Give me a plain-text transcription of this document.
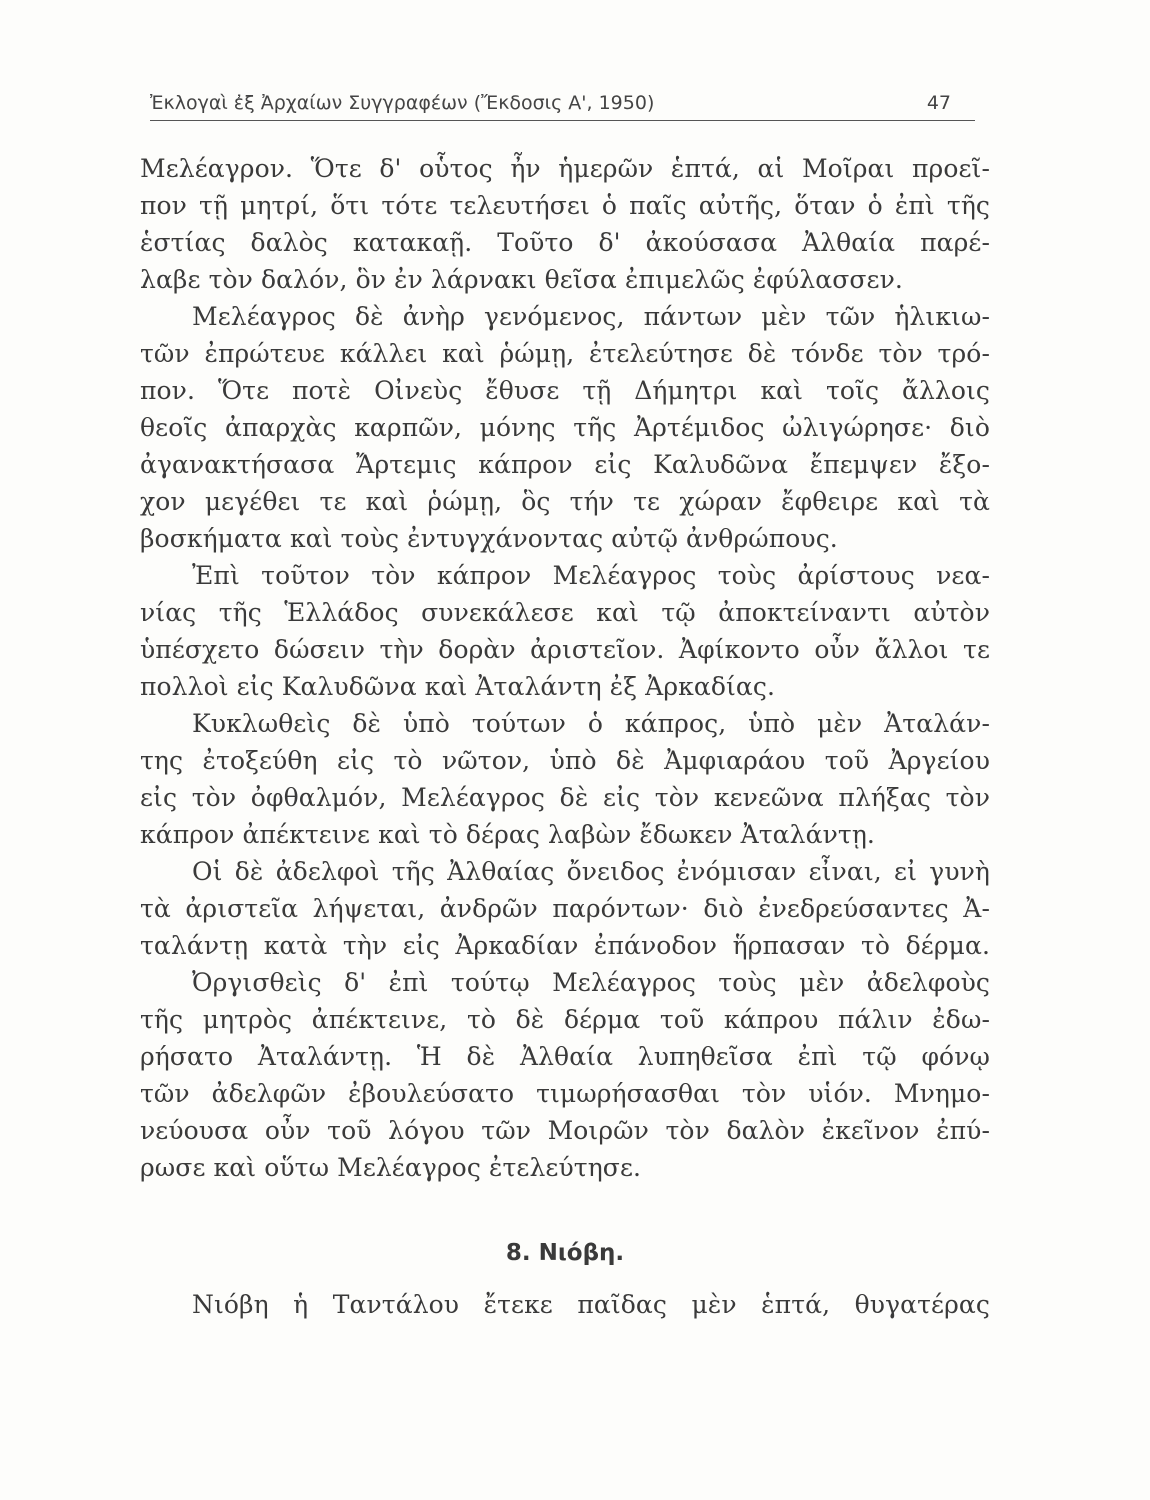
Ἐκλογαὶ ἐξ Ἀρχαίων Συγγραφέων (Ἔκδοσις Α', 1950)	47
Μελέαγρον. Ὅτε δ' οὗτος ἦν ἡμερῶν ἑπτά, αἱ Μοῖραι προεῖ-
πον τῇ μητρί, ὅτι τότε τελευτήσει ὁ παῖς αὐτῆς, ὅταν ὁ ἐπὶ τῆς
ἑστίας δαλὸς κατακαῇ. Τοῦτο δ' ἀκούσασα Ἀλθαία παρέ-
λαβε τὸν δαλόν, ὃν ἐν λάρνακι θεῖσα ἐπιμελῶς ἐφύλασσεν.
Μελέαγρος δὲ ἀνὴρ γενόμενος, πάντων μὲν τῶν ἡλικιω-
τῶν ἐπρώτευε κάλλει καὶ ῥώμῃ, ἐτελεύτησε δὲ τόνδε τὸν τρό-
πον. Ὅτε ποτὲ Οἰνεὺς ἔθυσε τῇ Δήμητρι καὶ τοῖς ἄλλοις
θεοῖς ἀπαρχὰς καρπῶν, μόνης τῆς Ἀρτέμιδος ὠλιγώρησε· διὸ
ἀγανακτήσασα Ἄρτεμις κάπρον εἰς Καλυδῶνα ἔπεμψεν ἔξο-
χον μεγέθει τε καὶ ῥώμῃ, ὃς τήν τε χώραν ἔφθειρε καὶ τὰ
βοσκήματα καὶ τοὺς ἐντυγχάνοντας αὐτῷ ἀνθρώπους.
Ἐπὶ τοῦτον τὸν κάπρον Μελέαγρος τοὺς ἀρίστους νεα-
νίας τῆς Ἑλλάδος συνεκάλεσε καὶ τῷ ἀποκτείναντι αὐτὸν
ὑπέσχετο δώσειν τὴν δορὰν ἀριστεῖον. Ἀφίκοντο οὖν ἄλλοι τε
πολλοὶ εἰς Καλυδῶνα καὶ Ἀταλάντη ἐξ Ἀρκαδίας.
Κυκλωθεὶς δὲ ὑπὸ τούτων ὁ κάπρος, ὑπὸ μὲν Ἀταλάν-
της ἐτοξεύθη εἰς τὸ νῶτον, ὑπὸ δὲ Ἀμφιαράου τοῦ Ἀργείου
εἰς τὸν ὀφθαλμόν, Μελέαγρος δὲ εἰς τὸν κενεῶνα πλήξας τὸν
κάπρον ἀπέκτεινε καὶ τὸ δέρας λαβὼν ἔδωκεν Ἀταλάντῃ.
Οἱ δὲ ἀδελφοὶ τῆς Ἀλθαίας ὄνειδος ἐνόμισαν εἶναι, εἰ γυνὴ
τὰ ἀριστεῖα λήψεται, ἀνδρῶν παρόντων· διὸ ἐνεδρεύσαντες Ἀ-
ταλάντῃ κατὰ τὴν εἰς Ἀρκαδίαν ἐπάνοδον ἥρπασαν τὸ δέρμα.
Ὀργισθεὶς δ' ἐπὶ τούτῳ Μελέαγρος τοὺς μὲν ἀδελφοὺς
τῆς μητρὸς ἀπέκτεινε, τὸ δὲ δέρμα τοῦ κάπρου πάλιν ἐδω-
ρήσατο Ἀταλάντῃ. Ἡ δὲ Ἀλθαία λυπηθεῖσα ἐπὶ τῷ φόνῳ
τῶν ἀδελφῶν ἐβουλεύσατο τιμωρήσασθαι τὸν υἱόν. Μνημο-
νεύουσα οὖν τοῦ λόγου τῶν Μοιρῶν τὸν δαλὸν ἐκεῖνον ἐπύ-
ρωσε καὶ οὕτω Μελέαγρος ἐτελεύτησε.
8. Νιόβη.
Νιόβη ἡ Ταντάλου ἔτεκε παῖδας μὲν ἑπτά, θυγατέρας
